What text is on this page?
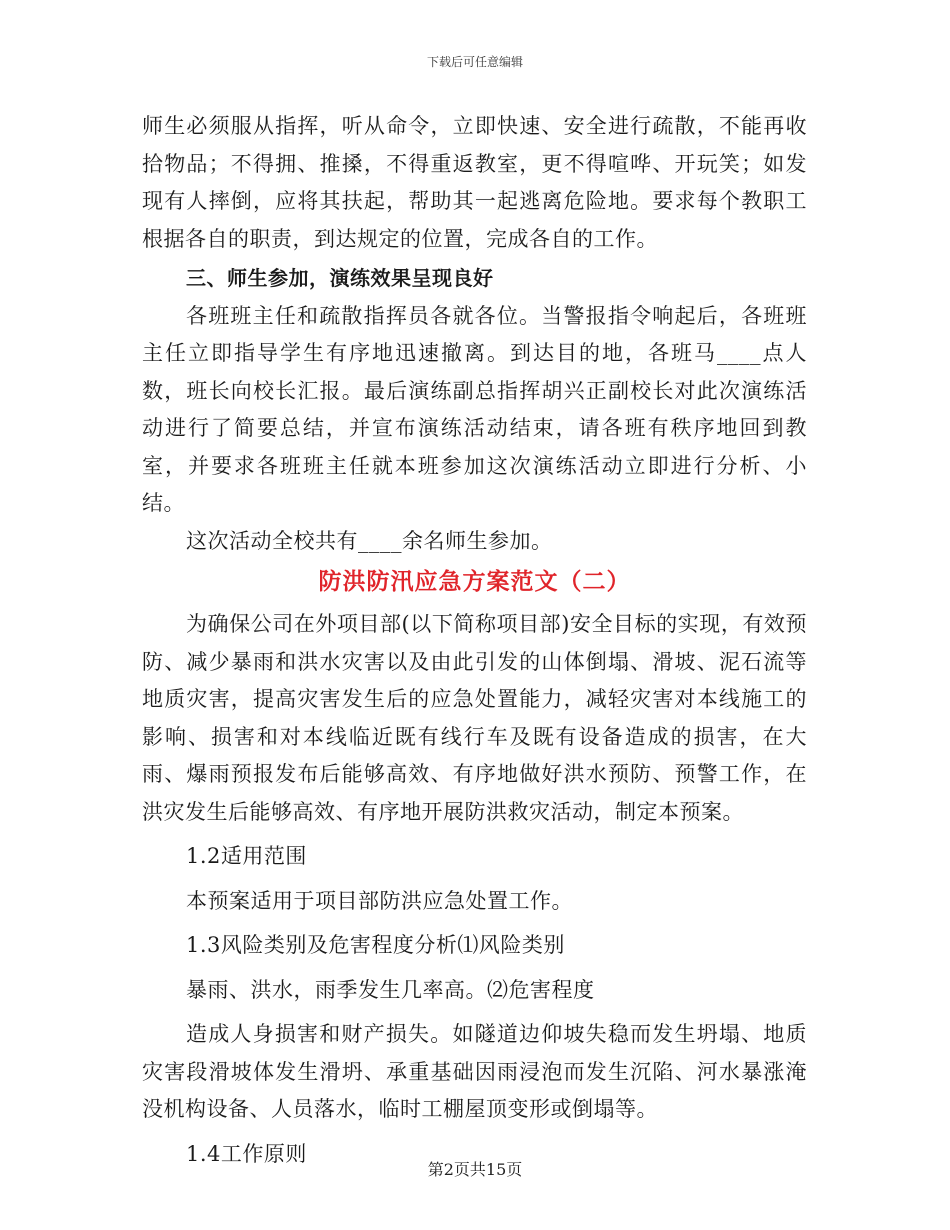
下载后可任意编辑

师生必须服从指挥，听从命令，立即快速、安全进行疏散，不能再收拾物品；不得拥、推搡，不得重返教室，更不得喧哗、开玩笑；如发现有人摔倒，应将其扶起，帮助其一起逃离危险地。要求每个教职工根据各自的职责，到达规定的位置，完成各自的工作。

三、师生参加，演练效果呈现良好

各班班主任和疏散指挥员各就各位。当警报指令响起后，各班班主任立即指导学生有序地迅速撤离。到达目的地，各班马____点人数，班长向校长汇报。最后演练副总指挥胡兴正副校长对此次演练活动进行了简要总结，并宣布演练活动结束，请各班有秩序地回到教室，并要求各班班主任就本班参加这次演练活动立即进行分析、小结。

这次活动全校共有____余名师生参加。

防洪防汛应急方案范文（二）

为确保公司在外项目部(以下简称项目部)安全目标的实现，有效预防、减少暴雨和洪水灾害以及由此引发的山体倒塌、滑坡、泥石流等地质灾害，提高灾害发生后的应急处置能力，减轻灾害对本线施工的影响、损害和对本线临近既有线行车及既有设备造成的损害，在大雨、爆雨预报发布后能够高效、有序地做好洪水预防、预警工作，在洪灾发生后能够高效、有序地开展防洪救灾活动，制定本预案。

1.2适用范围

本预案适用于项目部防洪应急处置工作。

1.3风险类别及危害程度分析⑴风险类别

暴雨、洪水，雨季发生几率高。⑵危害程度

造成人身损害和财产损失。如隧道边仰坡失稳而发生坍塌、地质灾害段滑坡体发生滑坍、承重基础因雨浸泡而发生沉陷、河水暴涨淹没机构设备、人员落水，临时工棚屋顶变形或倒塌等。

1.4工作原则

第2页共15页
